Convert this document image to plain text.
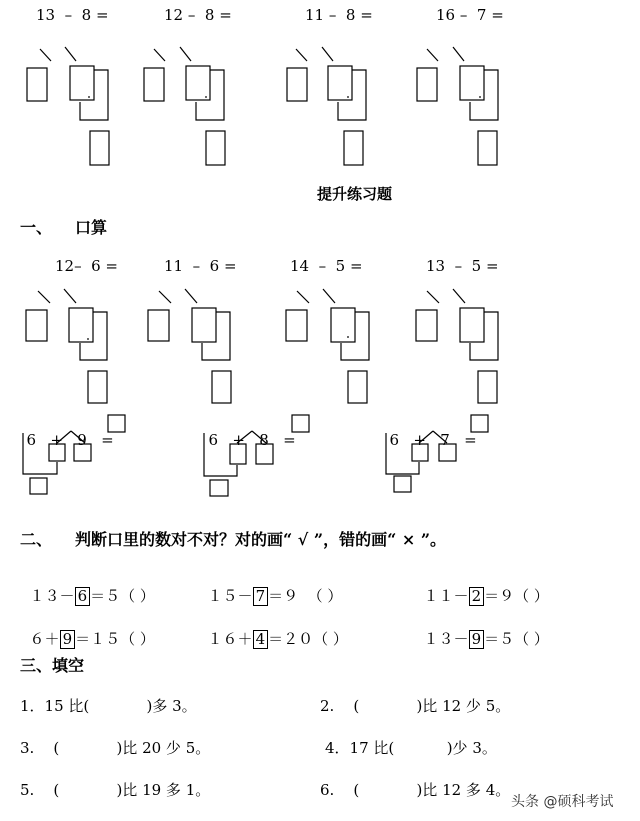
13  –  8 =	12 –  8 =	11 –  8 =	16 –  7 =
提升练习题
一、 口算
12–  6 =	11  –  6 =	14  –  5 =	13  –  5 =

6 + 9 =	6 + 8 =	6 + 7 =

二、 判断口里的数对不对？对的画“ √ ”，错的画“ × ”。

１３－ 6 ＝５（ ）	１５－ 7 ＝９  （ ）	１１－ 2 ＝９（ ）

６＋ 9 ＝１５（ ）	１６＋ 4 ＝２０（ ）	１３－ 9 ＝５（ ）

三、填空
1．15 比(            )多 3。	2.    (            )比 12 少 5。
3.    (            )比 20 少 5。	4．17 比(           )少 3。
5.    (            )比 19 多 1。	6.    (            )比 12 多 4。
头条 @硕科考试
